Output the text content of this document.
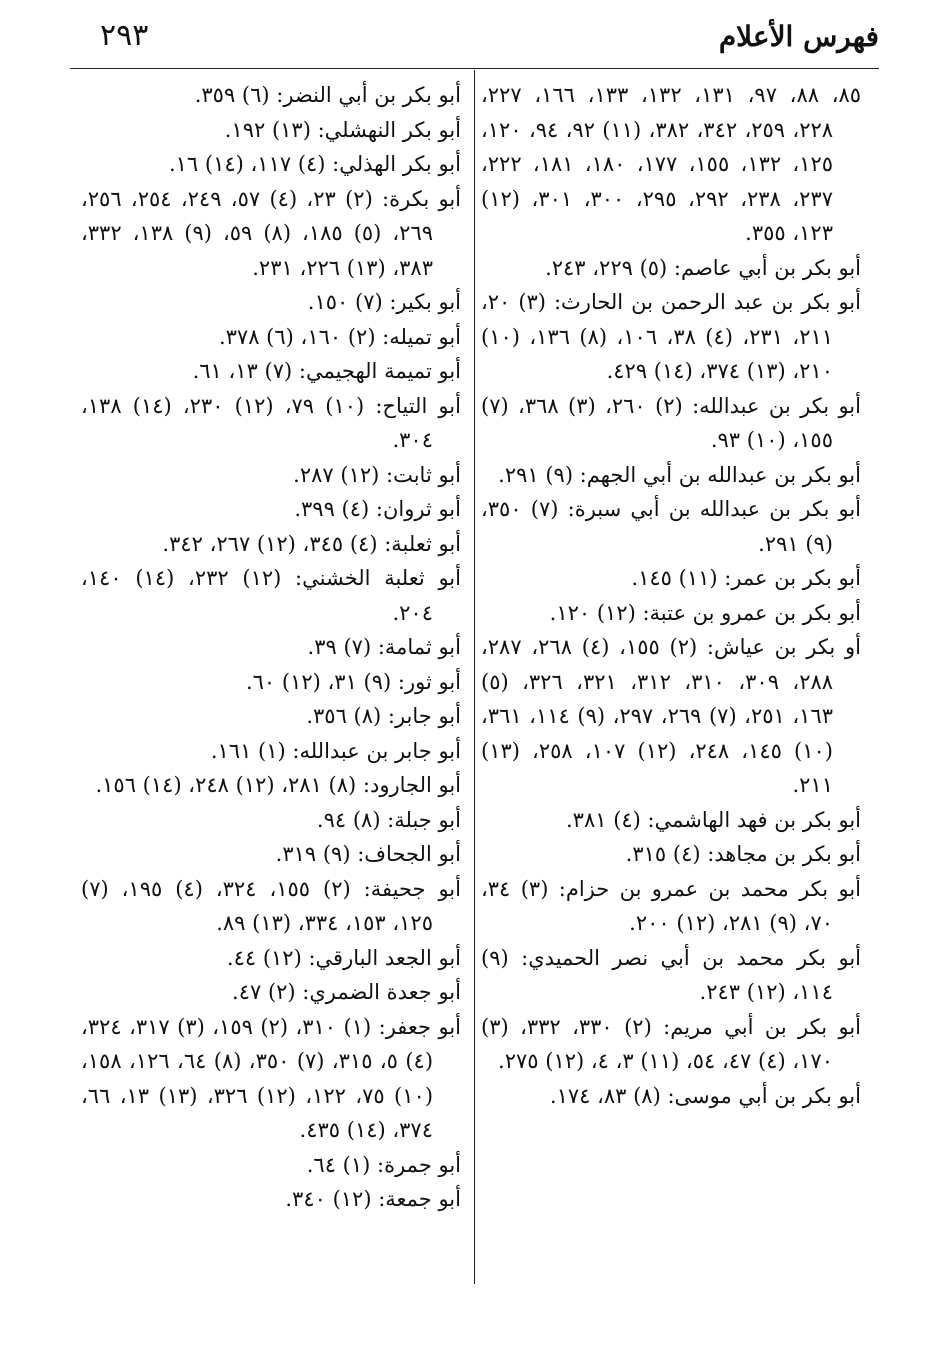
٢٩٣	فهرس الأعلام

٨٥، ٨٨، ٩٧، ١٣١، ١٣٢، ١٣٣، ١٦٦، ٢٢٧، ٢٢٨، ٢٥٩، ٣٤٢، ٣٨٢، (١١) ٩٢، ٩٤، ١٢٠، ١٢٥، ١٣٢، ١٥٥، ١٧٧، ١٨٠، ١٨١، ٢٢٢، ٢٣٧، ٢٣٨، ٢٩٢، ٢٩٥، ٣٠٠، ٣٠١، (١٢) ١٢٣، ٣٥٥.

أبو بكر بن أبي عاصم: (٥) ٢٢٩، ٢٤٣.

أبو بكر بن عبد الرحمن بن الحارث: (٣) ٢٠، ٢١١، ٢٣١، (٤) ٣٨، ١٠٦، (٨) ١٣٦، (١٠) ٢١٠، (١٣) ٣٧٤، (١٤) ٤٢٩.

أبو بكر بن عبدالله: (٢) ٢٦٠، (٣) ٣٦٨، (٧) ١٥٥، (١٠) ٩٣.

أبو بكر بن عبدالله بن أبي الجهم: (٩) ٢٩١.

أبو بكر بن عبدالله بن أبي سبرة: (٧) ٣٥٠، (٩) ٢٩١.

أبو بكر بن عمر: (١١) ١٤٥.

أبو بكر بن عمرو بن عتبة: (١٢) ١٢٠.

أو بكر بن عياش: (٢) ١٥٥، (٤) ٢٦٨، ٢٨٧، ٢٨٨، ٣٠٩، ٣١٠، ٣١٢، ٣٢١، ٣٢٦، (٥) ١٦٣، ٢٥١، (٧) ٢٦٩، ٢٩٧، (٩) ١١٤، ٣٦١، (١٠) ١٤٥، ٢٤٨، (١٢) ١٠٧، ٢٥٨، (١٣) ٢١١.

أبو بكر بن فهد الهاشمي: (٤) ٣٨١.

أبو بكر بن مجاهد: (٤) ٣١٥.

أبو بكر محمد بن عمرو بن حزام: (٣) ٣٤، ٧٠، (٩) ٢٨١، (١٢) ٢٠٠.

أبو بكر محمد بن أبي نصر الحميدي: (٩) ١١٤، (١٢) ٢٤٣.

أبو بكر بن أبي مريم: (٢) ٣٣٠، ٣٣٢، (٣) ١٧٠، (٤) ٤٧، ٥٤، (١١) ٣، ٤، (١٢) ٢٧٥.

أبو بكر بن أبي موسى: (٨) ٨٣، ١٧٤.

أبو بكر بن أبي النضر: (٦) ٣٥٩.

أبو بكر النهشلي: (١٣) ١٩٢.

أبو بكر الهذلي: (٤) ١١٧، (١٤) ١٦.

أبو بكرة: (٢) ٢٣، (٤) ٥٧، ٢٤٩، ٢٥٤، ٢٥٦، ٢٦٩، (٥) ١٨٥، (٨) ٥٩، (٩) ١٣٨، ٣٣٢، ٣٨٣، (١٣) ٢٢٦، ٢٣١.

أبو بكير: (٧) ١٥٠.

أبو تميله: (٢) ١٦٠، (٦) ٣٧٨.

أبو تميمة الهجيمي: (٧) ١٣، ٦١.

أبو التياح: (١٠) ٧٩، (١٢) ٢٣٠، (١٤) ١٣٨، ٣٠٤.

أبو ثابت: (١٢) ٢٨٧.

أبو ثروان: (٤) ٣٩٩.

أبو ثعلبة: (٤) ٣٤٥، (١٢) ٢٦٧، ٣٤٢.

أبو ثعلبة الخشني: (١٢) ٢٣٢، (١٤) ١٤٠، ٢٠٤.

أبو ثمامة: (٧) ٣٩.

أبو ثور: (٩) ٣١، (١٢) ٦٠.

أبو جابر: (٨) ٣٥٦.

أبو جابر بن عبدالله: (١) ١٦١.

أبو الجارود: (٨) ٢٨١، (١٢) ٢٤٨، (١٤) ١٥٦.

أبو جبلة: (٨) ٩٤.

أبو الجحاف: (٩) ٣١٩.

أبو جحيفة: (٢) ١٥٥، ٣٢٤، (٤) ١٩٥، (٧) ١٢٥، ١٥٣، ٣٣٤، (١٣) ٨٩.

أبو الجعد البارقي: (١٢) ٤٤.

أبو جعدة الضمري: (٢) ٤٧.

أبو جعفر: (١) ٣١٠، (٢) ١٥٩، (٣) ٣١٧، ٣٢٤، (٤) ٥، ٣١٥، (٧) ٣٥٠، (٨) ٦٤، ١٢٦، ١٥٨، (١٠) ٧٥، ١٢٢، (١٢) ٣٢٦، (١٣) ١٣، ٦٦، ٣٧٤، (١٤) ٤٣٥.

أبو جمرة: (١) ٦٤.

أبو جمعة: (١٢) ٣٤٠.
